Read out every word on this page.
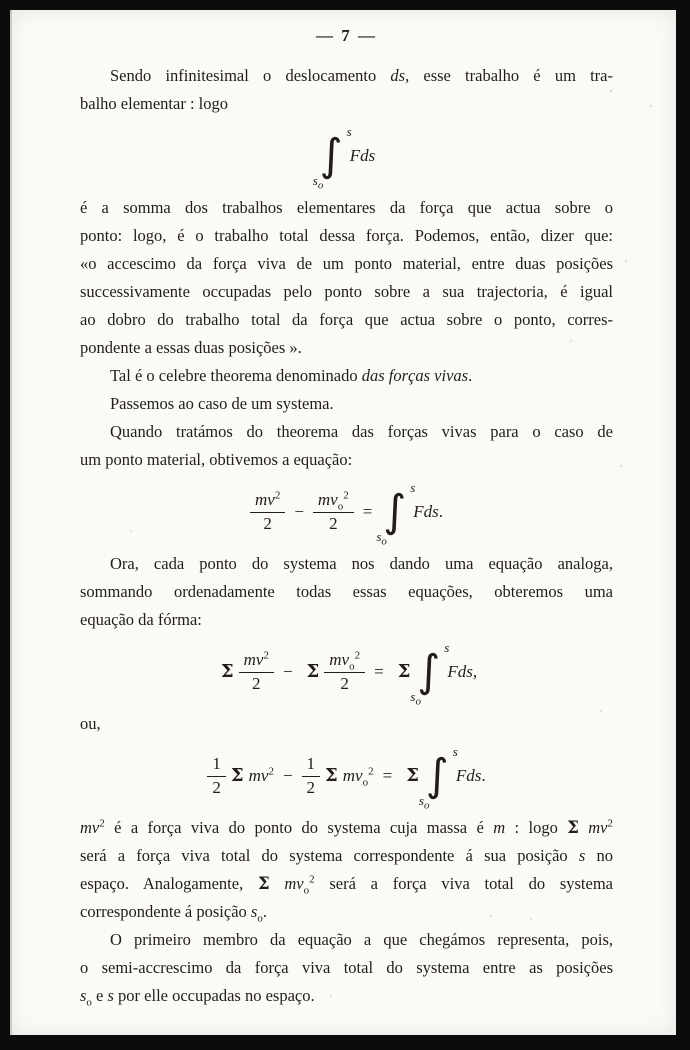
— 7 —
Sendo infinitesimal o deslocamento ds, esse trabalho é um tra-
balho elementar : logo
s
∫
$s_o$
Fds
é a somma dos trabalhos elementares da força que actua sobre o
ponto: logo, é o trabalho total dessa força. Podemos, então, dizer que:
«o accescimo da força viva de um ponto material, entre duas posições
successivamente occupadas pelo ponto sobre a sua trajectoria, é igual
ao dobro do trabalho total da força que actua sobre o ponto, corres-
pondente a essas duas posições ».
Tal é o celebre theorema denominado das forças vivas.
Passemos ao caso de um systema.
Quando tratámos do theorema das forças vivas para o caso de
um ponto material, obtivemos a equação:
$\frac{mv^2}{2} - \frac{mv_o^2}{2}$ =
s
∫
$s_o$
Fds.
Ora, cada ponto do systema nos dando uma equação analoga,
sommando ordenadamente todas essas equações, obteremos uma
equação da fórma:
Σ $\frac{mv^2}{2} - \Sigma \frac{mv_o^2}{2} = \Sigma$
s
∫
$s_o$
Fds,
ou,
$\frac{1}{2}$ Σ $mv^2 - \frac{1}{2}$ Σ $mv_o^2 = \Sigma$
s
∫
$s_o$
Fds.
$mv^2$ é a força viva do ponto do systema cuja massa é m : logo Σ $mv^2$
será a força viva total do systema correspondente á sua posição s no
espaço. Analogamente, Σ $mv_o^2$ será a força viva total do systema
correspondente á posição $s_o$.
O primeiro membro da equação a que chegámos representa, pois,
o semi-accrescimo da força viva total do systema entre as posições
$s_o$ e s por elle occupadas no espaço.
